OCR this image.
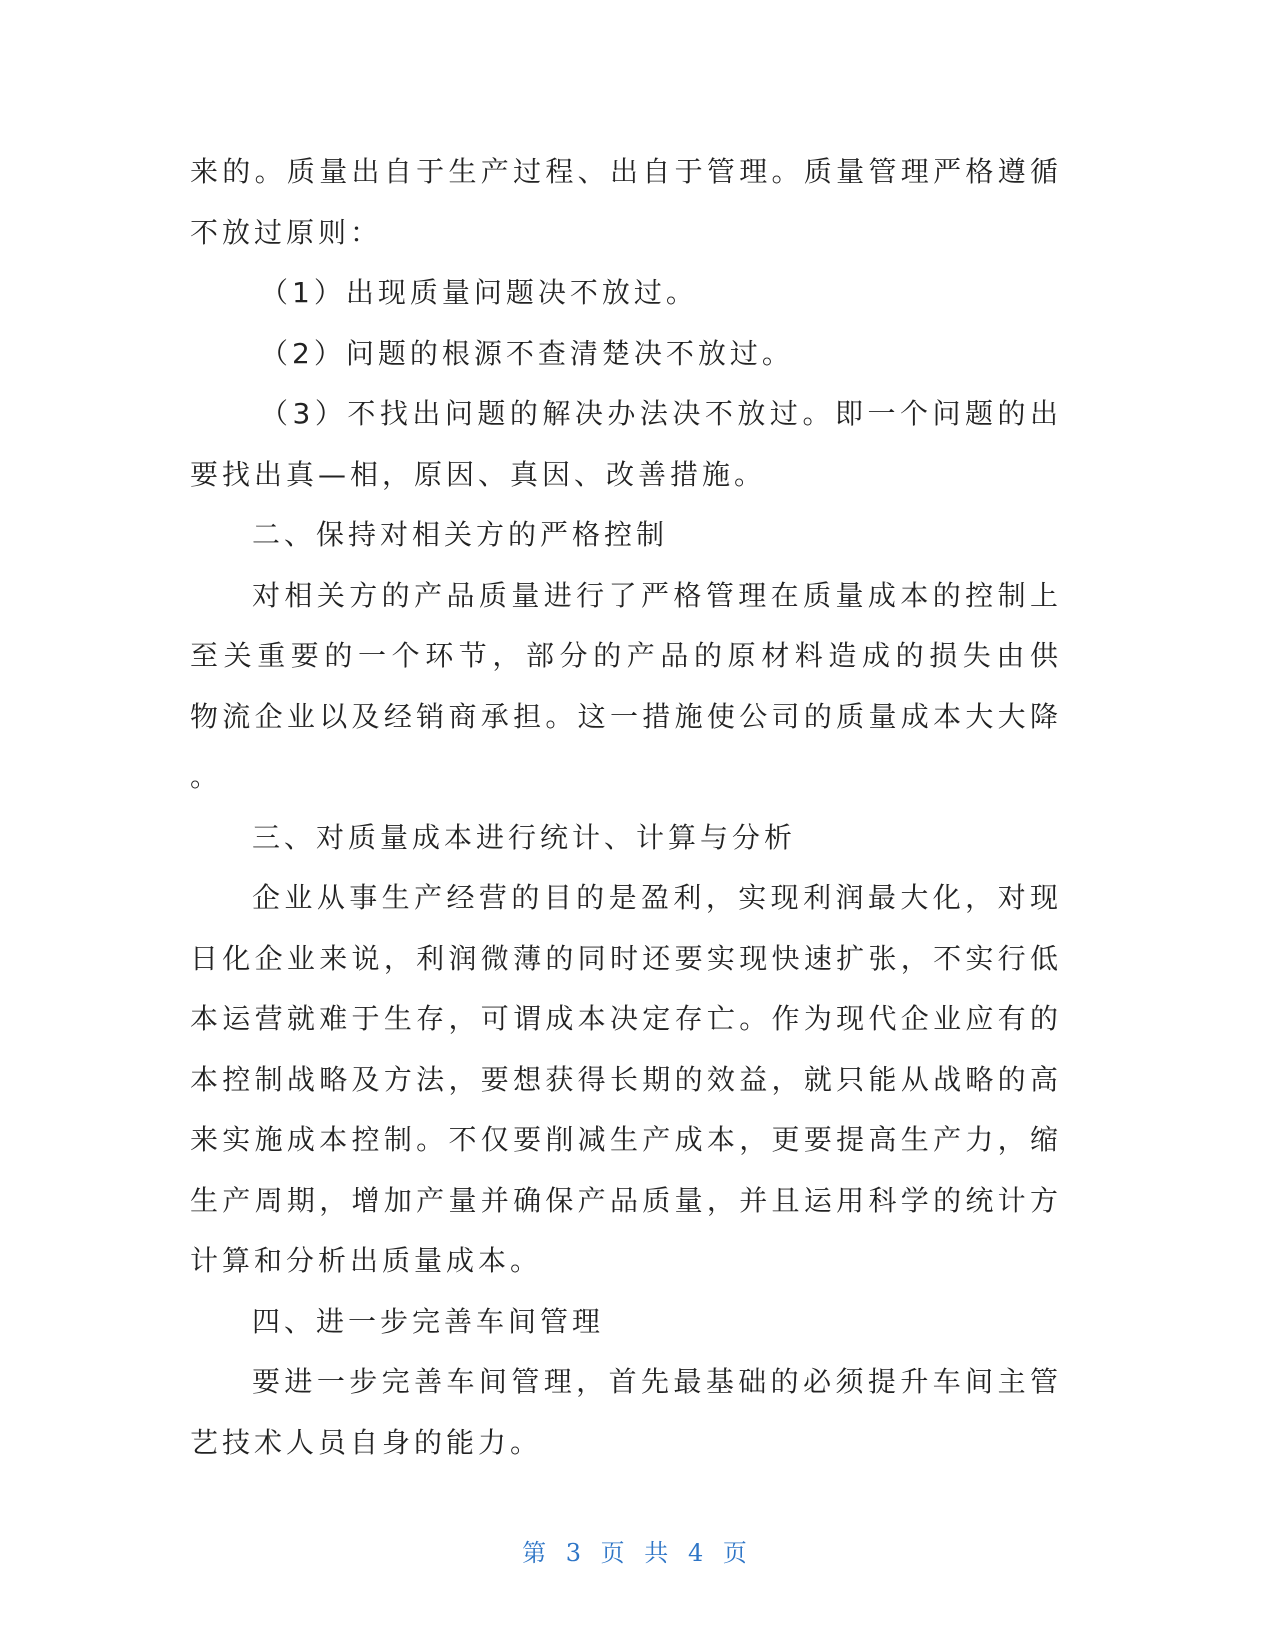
来的。质量出自于生产过程、出自于管理。质量管理严格遵循
不放过原则：
（1）出现质量问题决不放过。
（2）问题的根源不查清楚决不放过。
（3）不找出问题的解决办法决不放过。即一个问题的出
要找出真—相，原因、真因、改善措施。
二、保持对相关方的严格控制
对相关方的产品质量进行了严格管理在质量成本的控制上
至关重要的一个环节，部分的产品的原材料造成的损失由供
物流企业以及经销商承担。这一措施使公司的质量成本大大降
。
三、对质量成本进行统计、计算与分析
企业从事生产经营的目的是盈利，实现利润最大化，对现
日化企业来说，利润微薄的同时还要实现快速扩张，不实行低
本运营就难于生存，可谓成本决定存亡。作为现代企业应有的
本控制战略及方法，要想获得长期的效益，就只能从战略的高
来实施成本控制。不仅要削减生产成本，更要提高生产力，缩
生产周期，增加产量并确保产品质量，并且运用科学的统计方
计算和分析出质量成本。
四、进一步完善车间管理
要进一步完善车间管理，首先最基础的必须提升车间主管
艺技术人员自身的能力。
第 3 页 共 4 页
